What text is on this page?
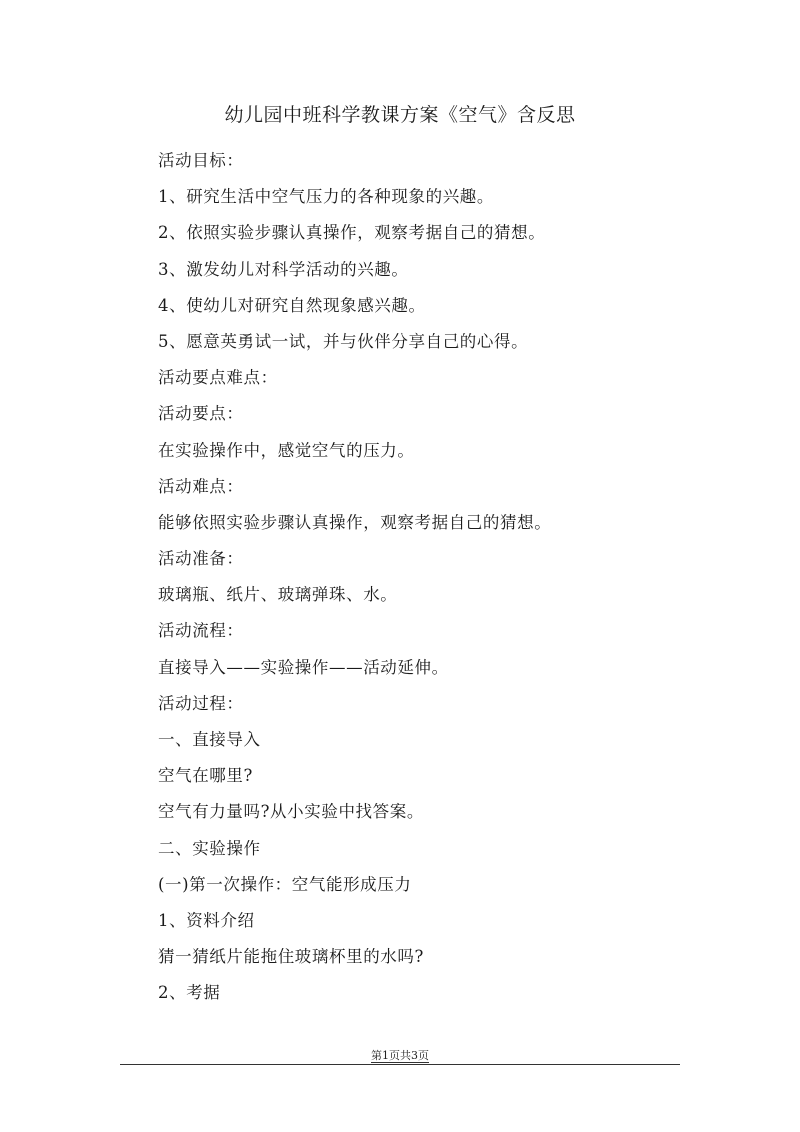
幼儿园中班科学教课方案《空气》含反思
活动目标：
1、研究生活中空气压力的各种现象的兴趣。
2、依照实验步骤认真操作，观察考据自己的猜想。
3、激发幼儿对科学活动的兴趣。
4、使幼儿对研究自然现象感兴趣。
5、愿意英勇试一试，并与伙伴分享自己的心得。
活动要点难点：
活动要点：
在实验操作中，感觉空气的压力。
活动难点：
能够依照实验步骤认真操作，观察考据自己的猜想。
活动准备：
玻璃瓶、纸片、玻璃弹珠、水。
活动流程：
直接导入——实验操作——活动延伸。
活动过程：
一、直接导入
空气在哪里?
空气有力量吗?从小实验中找答案。
二、实验操作
(一)第一次操作：空气能形成压力
1、资料介绍
猜一猜纸片能拖住玻璃杯里的水吗?
2、考据
第1页共3页
